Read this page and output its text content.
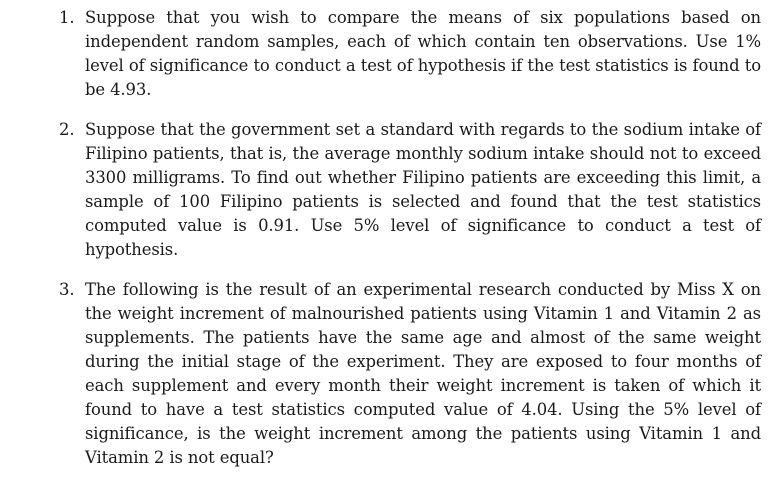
1. Suppose that you wish to compare the means of six populations based on independent random samples, each of which contain ten observations. Use 1% level of significance to conduct a test of hypothesis if the test statistics is found to be 4.93.
2. Suppose that the government set a standard with regards to the sodium intake of Filipino patients, that is, the average monthly sodium intake should not to exceed 3300 milligrams. To find out whether Filipino patients are exceeding this limit, a sample of 100 Filipino patients is selected and found that the test statistics computed value is 0.91. Use 5% level of significance to conduct a test of hypothesis.
3. The following is the result of an experimental research conducted by Miss X on the weight increment of malnourished patients using Vitamin 1 and Vitamin 2 as supplements. The patients have the same age and almost of the same weight during the initial stage of the experiment. They are exposed to four months of each supplement and every month their weight increment is taken of which it found to have a test statistics computed value of 4.04. Using the 5% level of significance, is the weight increment among the patients using Vitamin 1 and Vitamin 2 is not equal?
